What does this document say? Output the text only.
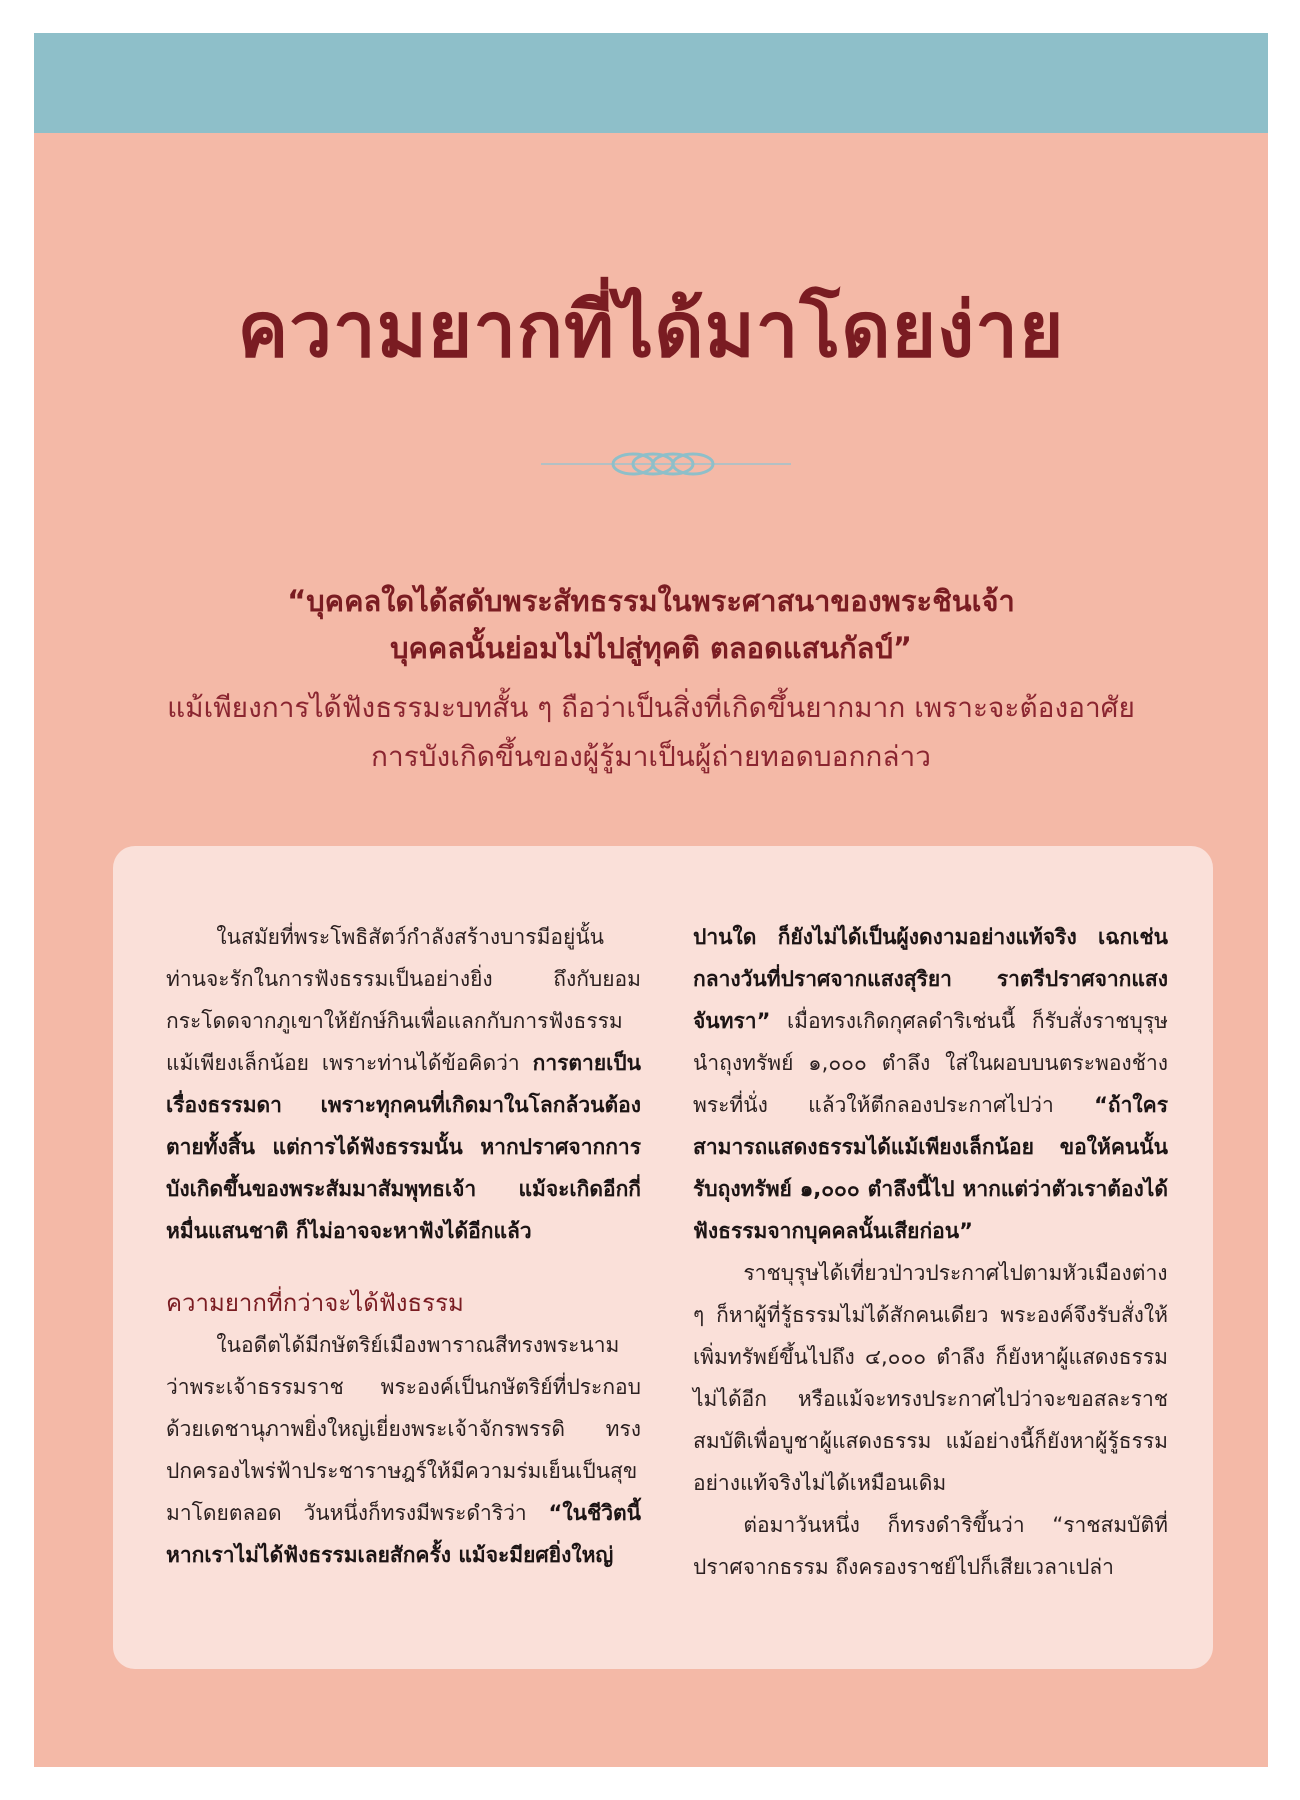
ความยากที่ได้มาโดยง่าย
“บุคคลใดได้สดับพระสัทธรรมในพระศาสนาของพระชินเจ้า
บุคคลนั้นย่อมไม่ไปสู่ทุคติ ตลอดแสนกัลป์”
แม้เพียงการได้ฟังธรรมะบทสั้น ๆ ถือว่าเป็นสิ่งที่เกิดขึ้นยากมาก เพราะจะต้องอาศัย
การบังเกิดขึ้นของผู้รู้มาเป็นผู้ถ่ายทอดบอกกล่าว

ในสมัยที่พระโพธิสัตว์กำลังสร้างบารมีอยู่นั้น ท่านจะรักในการฟังธรรมเป็นอย่างยิ่ง ถึงกับยอมกระโดดจากภูเขาให้ยักษ์กินเพื่อแลกกับการฟังธรรมแม้เพียงเล็กน้อย เพราะท่านได้ข้อคิดว่า การตายเป็นเรื่องธรรมดา เพราะทุกคนที่เกิดมาในโลกล้วนต้องตายทั้งสิ้น แต่การได้ฟังธรรมนั้น หากปราศจากการบังเกิดขึ้นของพระสัมมาสัมพุทธเจ้า แม้จะเกิดอีกกี่หมื่นแสนชาติ ก็ไม่อาจจะหาฟังได้อีกแล้ว

ความยากที่กว่าจะได้ฟังธรรม

ในอดีตได้มีกษัตริย์เมืองพาราณสีทรงพระนามว่าพระเจ้าธรรมราช พระองค์เป็นกษัตริย์ที่ประกอบด้วยเดชานุภาพยิ่งใหญ่เยี่ยงพระเจ้าจักรพรรดิ ทรงปกครองไพร่ฟ้าประชาราษฎร์ให้มีความร่มเย็นเป็นสุขมาโดยตลอด วันหนึ่งก็ทรงมีพระดำริว่า “ในชีวิตนี้หากเราไม่ได้ฟังธรรมเลยสักครั้ง แม้จะมียศยิ่งใหญ่

ปานใด ก็ยังไม่ได้เป็นผู้งดงามอย่างแท้จริง เฉกเช่นกลางวันที่ปราศจากแสงสุริยา ราตรีปราศจากแสงจันทรา” เมื่อทรงเกิดกุศลดำริเช่นนี้ ก็รับสั่งราชบุรุษนำถุงทรัพย์ ๑,๐๐๐ ตำลึง ใส่ในผอบบนตระพองช้างพระที่นั่ง แล้วให้ตีกลองประกาศไปว่า “ถ้าใครสามารถแสดงธรรมได้แม้เพียงเล็กน้อย ขอให้คนนั้นรับถุงทรัพย์ ๑,๐๐๐ ตำลึงนี้ไป หากแต่ว่าตัวเราต้องได้ฟังธรรมจากบุคคลนั้นเสียก่อน”

ราชบุรุษได้เที่ยวป่าวประกาศไปตามหัวเมืองต่าง ๆ ก็หาผู้ที่รู้ธรรมไม่ได้สักคนเดียว พระองค์จึงรับสั่งให้เพิ่มทรัพย์ขึ้นไปถึง ๔,๐๐๐ ตำลึง ก็ยังหาผู้แสดงธรรมไม่ได้อีก หรือแม้จะทรงประกาศไปว่าจะขอสละราชสมบัติเพื่อบูชาผู้แสดงธรรม แม้อย่างนี้ก็ยังหาผู้รู้ธรรมอย่างแท้จริงไม่ได้เหมือนเดิม

ต่อมาวันหนึ่ง ก็ทรงดำริขึ้นว่า “ราชสมบัติที่ปราศจากธรรม ถึงครองราชย์ไปก็เสียเวลาเปล่า
